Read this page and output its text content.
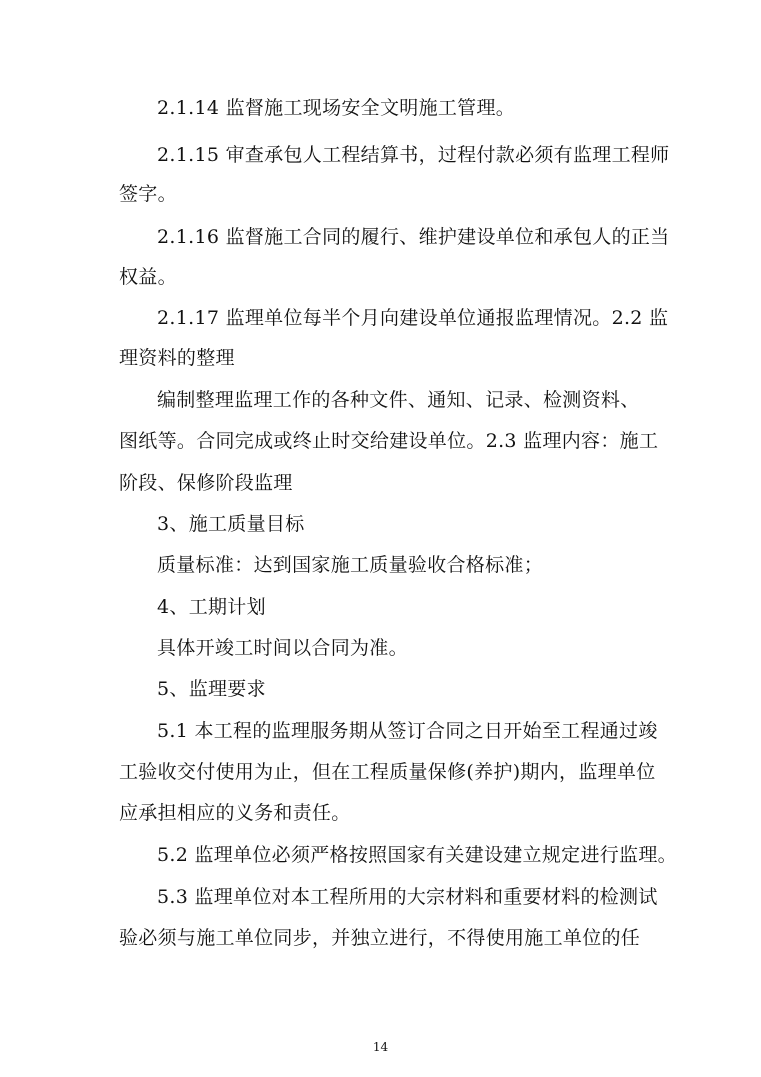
2.1.14 监督施工现场安全文明施工管理。
2.1.15 审查承包人工程结算书，过程付款必须有监理工程师
签字。
2.1.16 监督施工合同的履行、维护建设单位和承包人的正当
权益。
2.1.17 监理单位每半个月向建设单位通报监理情况。2.2 监
理资料的整理
编制整理监理工作的各种文件、通知、记录、检测资料、
图纸等。合同完成或终止时交给建设单位。2.3 监理内容：施工
阶段、保修阶段监理
3、施工质量目标
质量标准：达到国家施工质量验收合格标准；
4、工期计划
具体开竣工时间以合同为准。
5、监理要求
5.1 本工程的监理服务期从签订合同之日开始至工程通过竣
工验收交付使用为止，但在工程质量保修(养护)期内，监理单位
应承担相应的义务和责任。
5.2 监理单位必须严格按照国家有关建设建立规定进行监理。
5.3 监理单位对本工程所用的大宗材料和重要材料的检测试
验必须与施工单位同步，并独立进行，不得使用施工单位的任
14
